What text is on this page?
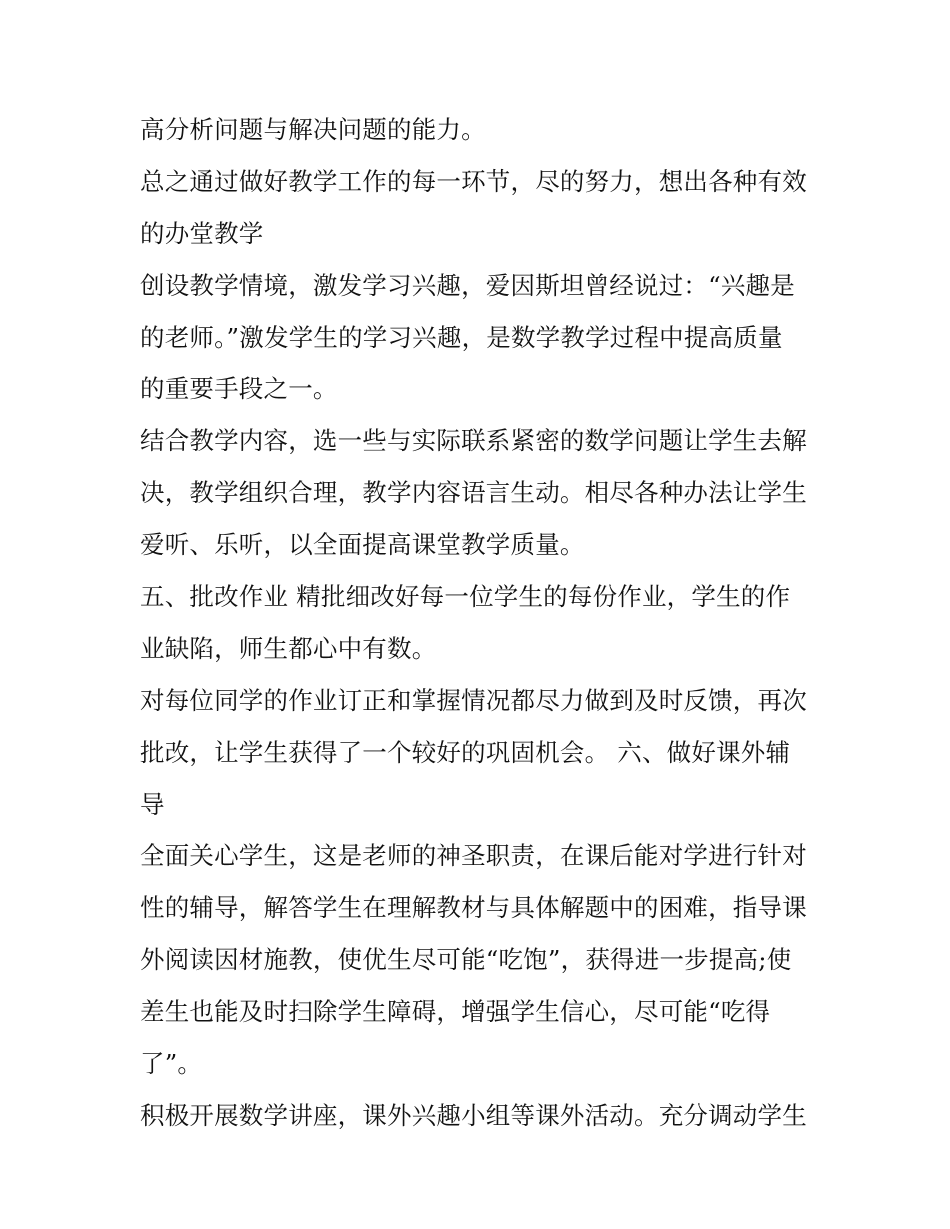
高分析问题与解决问题的能力。
总之通过做好教学工作的每一环节，尽的努力，想出各种有效
的办堂教学
创设教学情境，激发学习兴趣，爱因斯坦曾经说过：“兴趣是
的老师。”激发学生的学习兴趣，是数学教学过程中提高质量
的重要手段之一。
结合教学内容，选一些与实际联系紧密的数学问题让学生去解
决，教学组织合理，教学内容语言生动。相尽各种办法让学生
爱听、乐听，以全面提高课堂教学质量。
五、批改作业 精批细改好每一位学生的每份作业，学生的作
业缺陷，师生都心中有数。
对每位同学的作业订正和掌握情况都尽力做到及时反馈，再次
批改，让学生获得了一个较好的巩固机会。 六、做好课外辅
导
全面关心学生，这是老师的神圣职责，在课后能对学进行针对
性的辅导，解答学生在理解教材与具体解题中的困难，指导课
外阅读因材施教，使优生尽可能“吃饱”，获得进一步提高;使
差生也能及时扫除学生障碍，增强学生信心，尽可能“吃得
了”。
积极开展数学讲座，课外兴趣小组等课外活动。充分调动学生
